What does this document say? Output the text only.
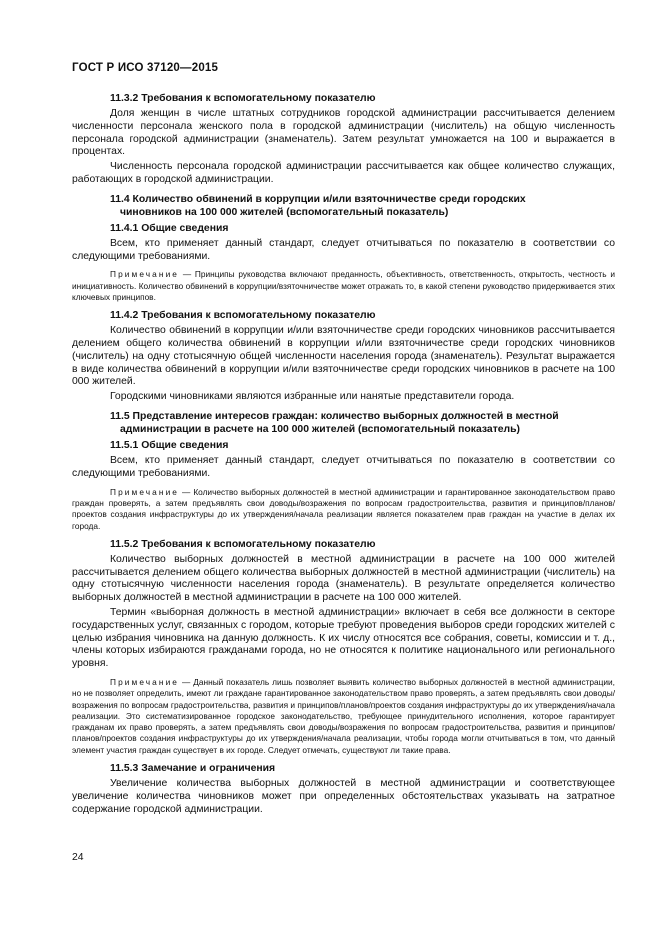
ГОСТ Р ИСО 37120—2015
11.3.2 Требования к вспомогательному показателю

Доля женщин в числе штатных сотрудников городской администрации рассчитывается делением численности персонала женского пола в городской администрации (числитель) на общую численность персонала городской администрации (знаменатель). Затем результат умножается на 100 и выражается в процентах.

Численность персонала городской администрации рассчитывается как общее количество служащих, работающих в городской администрации.

11.4 Количество обвинений в коррупции и/или взяточничестве среди городских
чиновников на 100 000 жителей (вспомогательный показатель)
11.4.1 Общие сведения

Всем, кто применяет данный стандарт, следует отчитываться по показателю в соответствии со следующими требованиями.

Примечание — Принципы руководства включают преданность, объективность, ответственность, открытость, честность и инициативность. Количество обвинений в коррупции/взяточничестве может отражать то, в какой степени руководство придерживается этих ключевых принципов.

11.4.2 Требования к вспомогательному показателю

Количество обвинений в коррупции и/или взяточничестве среди городских чиновников рассчитывается делением общего количества обвинений в коррупции и/или взяточничестве среди городских чиновников (числитель) на одну стотысячную общей численности населения города (знаменатель). Результат выражается в виде количества обвинений в коррупции и/или взяточничестве среди городских чиновников в расчете на 100 000 жителей.

Городскими чиновниками являются избранные или нанятые представители города.

11.5 Представление интересов граждан: количество выборных должностей в местной
администрации в расчете на 100 000 жителей (вспомогательный показатель)
11.5.1 Общие сведения

Всем, кто применяет данный стандарт, следует отчитываться по показателю в соответствии со следующими требованиями.

Примечание — Количество выборных должностей в местной администрации и гарантированное законодательством право граждан проверять, а затем предъявлять свои доводы/возражения по вопросам градостроительства, развития и принципов/планов/проектов создания инфраструктуры до их утверждения/начала реализации является показателем прав граждан на участие в делах их города.

11.5.2 Требования к вспомогательному показателю

Количество выборных должностей в местной администрации в расчете на 100 000 жителей рассчитывается делением общего количества выборных должностей в местной администрации (числитель) на одну стотысячную численности населения города (знаменатель). В результате определяется количество выборных должностей в местной администрации в расчете на 100 000 жителей.

Термин «выборная должность в местной администрации» включает в себя все должности в секторе государственных услуг, связанных с городом, которые требуют проведения выборов среди городских жителей с целью избрания чиновника на данную должность. К их числу относятся все собрания, советы, комиссии и т. д., члены которых избираются гражданами города, но не относятся к политике национального или регионального уровня.

Примечание — Данный показатель лишь позволяет выявить количество выборных должностей в местной администрации, но не позволяет определить, имеют ли граждане гарантированное законодательством право проверять, а затем предъявлять свои доводы/возражения по вопросам градостроительства, развития и принципов/планов/проектов создания инфраструктуры до их утверждения/начала реализации. Это систематизированное городское законодательство, требующее принудительного исполнения, которое гарантирует гражданам их право проверять, а затем предъявлять свои доводы/возражения по вопросам градостроительства, развития и принципов/планов/проектов создания инфраструктуры до их утверждения/начала реализации, чтобы города могли отчитываться в том, что данный элемент участия граждан существует в их городе. Следует отмечать, существуют ли такие права.

11.5.3 Замечание и ограничения

Увеличение количества выборных должностей в местной администрации и соответствующее увеличение количества чиновников может при определенных обстоятельствах указывать на затратное содержание городской администрации.

24
